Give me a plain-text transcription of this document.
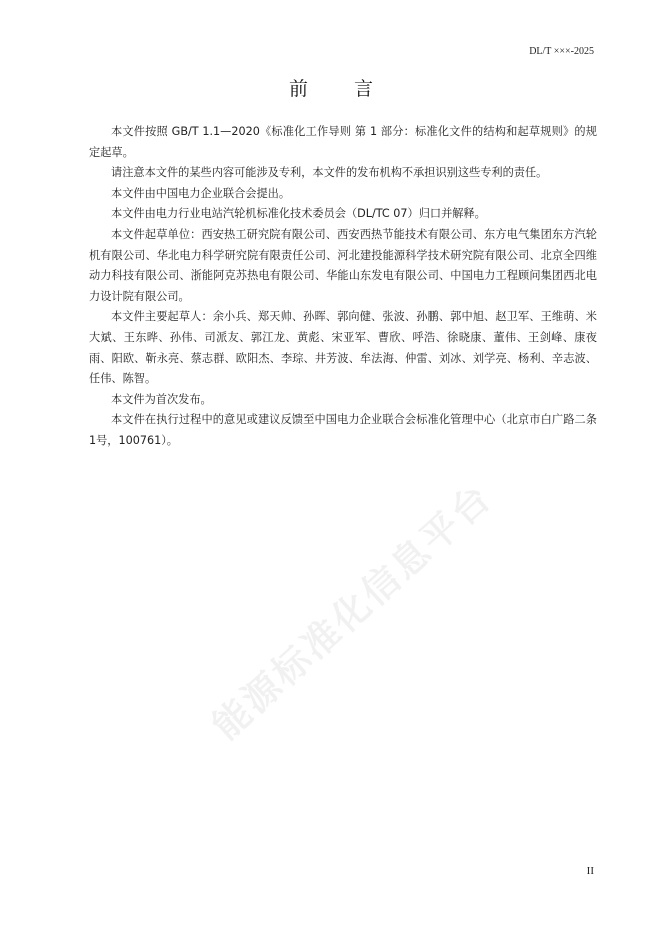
DL/T ×××-2025
前言

本文件按照 GB/T 1.1—2020《标准化工作导则 第 1 部分：标准化文件的结构和起草规则》的规定起草。

请注意本文件的某些内容可能涉及专利，本文件的发布机构不承担识别这些专利的责任。

本文件由中国电力企业联合会提出。

本文件由电力行业电站汽轮机标准化技术委员会（DL/TC 07）归口并解释。

本文件起草单位：西安热工研究院有限公司、西安西热节能技术有限公司、东方电气集团东方汽轮机有限公司、华北电力科学研究院有限责任公司、河北建投能源科学技术研究院有限公司、北京全四维动力科技有限公司、浙能阿克苏热电有限公司、华能山东发电有限公司、中国电力工程顾问集团西北电力设计院有限公司。

本文件主要起草人：余小兵、郑天帅、孙晖、郭向健、张波、孙鹏、郭中旭、赵卫军、王维萌、米大斌、王东晔、孙伟、司派友、郭江龙、黄彪、宋亚军、曹欣、呼浩、徐晓康、董伟、王剑峰、康夜雨、阳欧、靳永亮、蔡志群、欧阳杰、李琮、井芳波、牟法海、仲雷、刘冰、刘学亮、杨利、辛志波、任伟、陈智。

本文件为首次发布。

本文件在执行过程中的意见或建议反馈至中国电力企业联合会标准化管理中心（北京市白广路二条1号，100761）。

能源标准化信息平台
II
